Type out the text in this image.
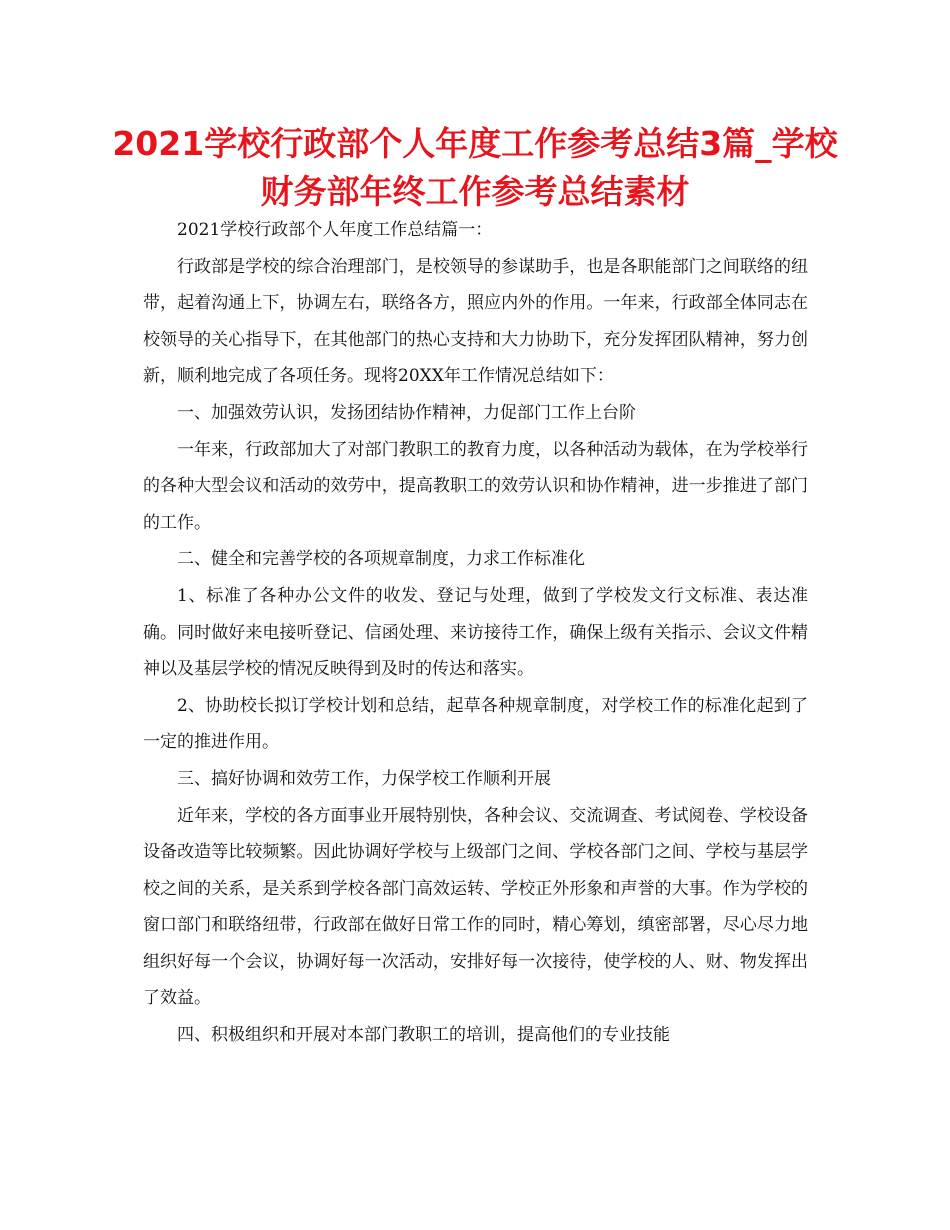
2021学校行政部个人年度工作参考总结3篇_学校财务部年终工作参考总结素材

2021学校行政部个人年度工作总结篇一：

行政部是学校的综合治理部门，是校领导的参谋助手，也是各职能部门之间联络的纽带，起着沟通上下，协调左右，联络各方，照应内外的作用。一年来，行政部全体同志在校领导的关心指导下，在其他部门的热心支持和大力协助下，充分发挥团队精神，努力创新，顺利地完成了各项任务。现将20XX年工作情况总结如下：

一、加强效劳认识，发扬团结协作精神，力促部门工作上台阶

一年来，行政部加大了对部门教职工的教育力度，以各种活动为载体，在为学校举行的各种大型会议和活动的效劳中，提高教职工的效劳认识和协作精神，进一步推进了部门的工作。

二、健全和完善学校的各项规章制度，力求工作标准化

1、标准了各种办公文件的收发、登记与处理，做到了学校发文行文标准、表达准确。同时做好来电接听登记、信函处理、来访接待工作，确保上级有关指示、会议文件精神以及基层学校的情况反映得到及时的传达和落实。

2、协助校长拟订学校计划和总结，起草各种规章制度，对学校工作的标准化起到了一定的推进作用。

三、搞好协调和效劳工作，力保学校工作顺利开展

近年来，学校的各方面事业开展特别快，各种会议、交流调查、考试阅卷、学校设备设备改造等比较频繁。因此协调好学校与上级部门之间、学校各部门之间、学校与基层学校之间的关系，是关系到学校各部门高效运转、学校正外形象和声誉的大事。作为学校的窗口部门和联络纽带，行政部在做好日常工作的同时，精心筹划，缜密部署，尽心尽力地组织好每一个会议，协调好每一次活动，安排好每一次接待，使学校的人、财、物发挥出了效益。

四、积极组织和开展对本部门教职工的培训，提高他们的专业技能
